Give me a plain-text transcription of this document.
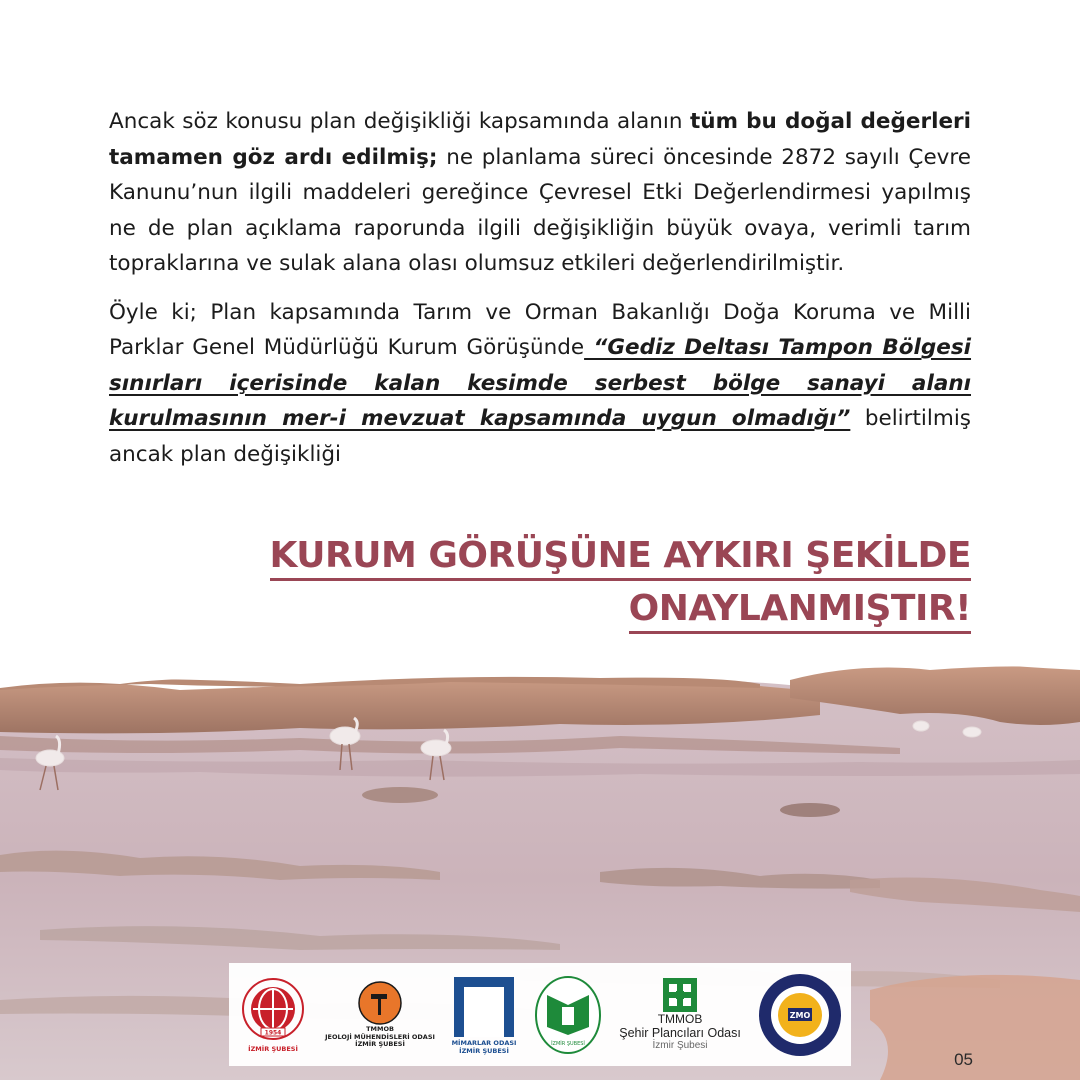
Ancak söz konusu plan değişikliği kapsamında alanın tüm bu doğal değerleri tamamen göz ardı edilmiş; ne planlama süreci öncesinde 2872 sayılı Çevre Kanunu’nun ilgili maddeleri gereğince Çevresel Etki Değerlendirmesi yapılmış ne de plan açıklama raporunda ilgili değişikliğin büyük ovaya, verimli tarım topraklarına ve sulak alana olası olumsuz etkileri değerlendirilmiştir.

Öyle ki; Plan kapsamında Tarım ve Orman Bakanlığı Doğa Koruma ve Milli Parklar Genel Müdürlüğü Kurum Görüşünde “Gediz Deltası Tampon Bölgesi sınırları içerisinde kalan kesimde serbest bölge sanayi alanı kurulmasının mer-i mevzuat kapsamında uygun olmadığı” belirtilmiş ancak plan değişikliği

KURUM GÖRÜŞÜNE AYKIRI ŞEKİLDE
ONAYLANMIŞTIR!
1954
İZMİR ŞUBESİ
TMMOB
JEOLOJİ MÜHENDİSLERİ ODASI
İZMİR ŞUBESİ	MİMARLAR ODASI
İZMİR ŞUBESİ
İZMİR ŞUBESİ
TMMOB
Şehir Plancıları Odası
İzmir Şubesi
ZMO
05
